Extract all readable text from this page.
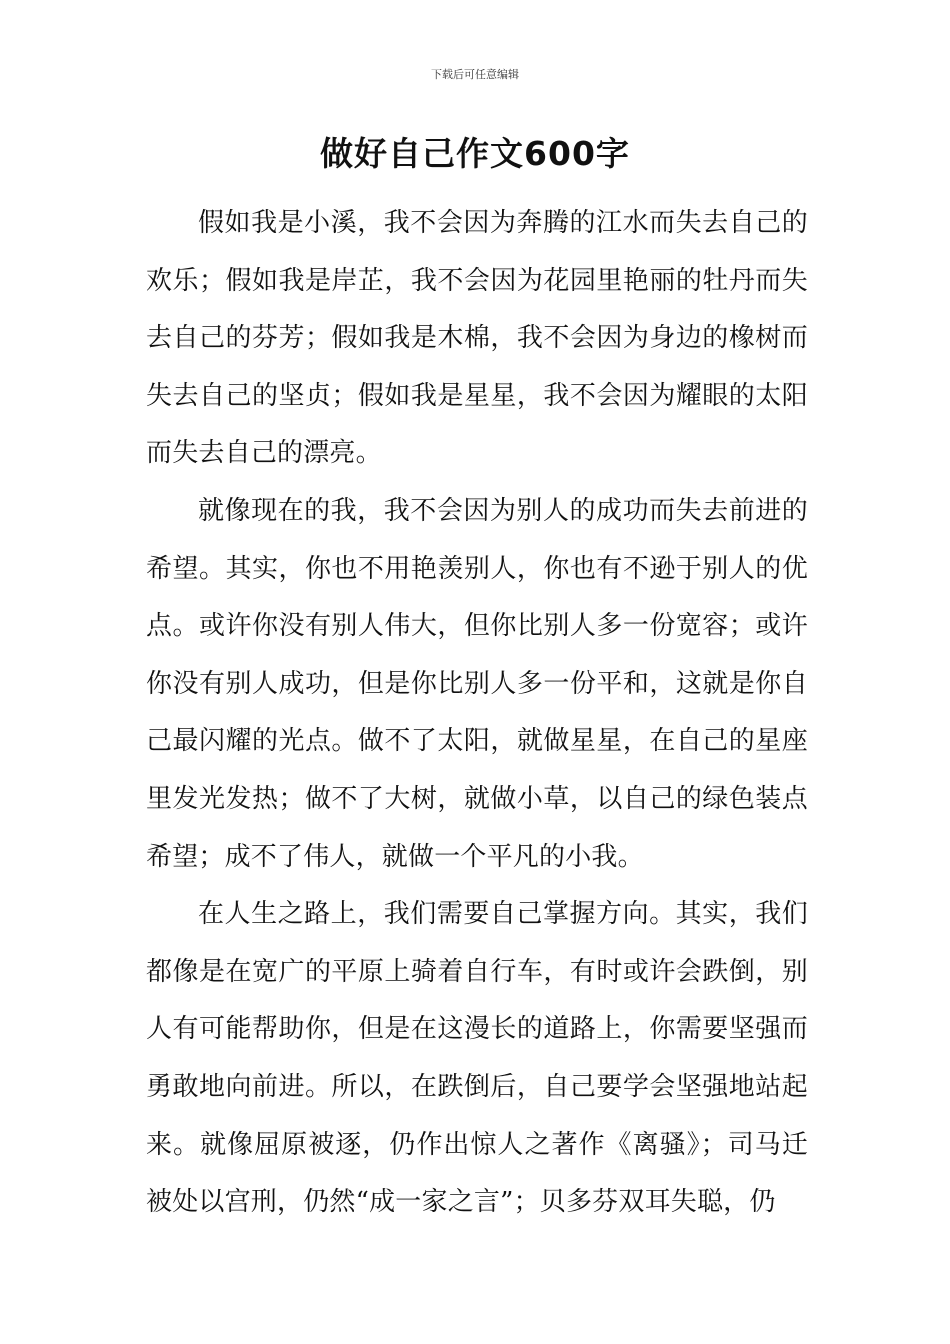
下载后可任意编辑
做好自己作文600字

假如我是小溪，我不会因为奔腾的江水而失去自己的欢乐；假如我是岸芷，我不会因为花园里艳丽的牡丹而失去自己的芬芳；假如我是木棉，我不会因为身边的橡树而失去自己的坚贞；假如我是星星，我不会因为耀眼的太阳而失去自己的漂亮。

就像现在的我，我不会因为别人的成功而失去前进的希望。其实，你也不用艳羡别人，你也有不逊于别人的优点。或许你没有别人伟大，但你比别人多一份宽容；或许你没有别人成功，但是你比别人多一份平和，这就是你自己最闪耀的光点。做不了太阳，就做星星，在自己的星座里发光发热；做不了大树，就做小草，以自己的绿色装点希望；成不了伟人，就做一个平凡的小我。

在人生之路上，我们需要自己掌握方向。其实，我们都像是在宽广的平原上骑着自行车，有时或许会跌倒，别人有可能帮助你，但是在这漫长的道路上，你需要坚强而勇敢地向前进。所以，在跌倒后，自己要学会坚强地站起来。就像屈原被逐，仍作出惊人之著作《离骚》；司马迁被处以宫刑，仍然“成一家之言”；贝多芬双耳失聪，仍
